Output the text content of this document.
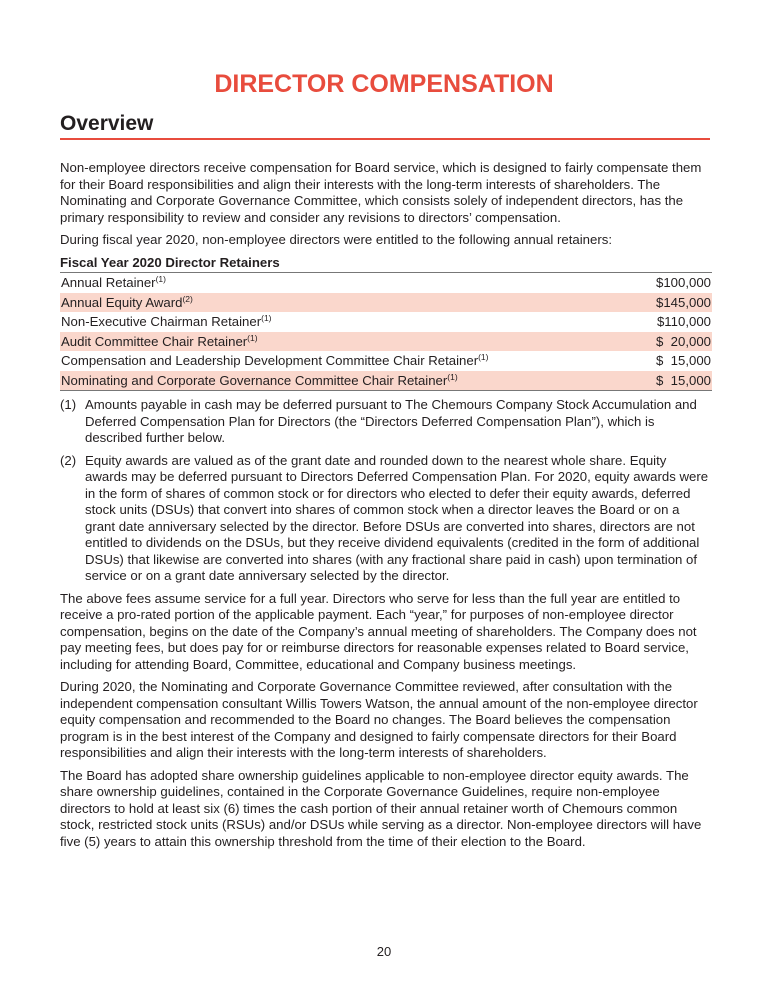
DIRECTOR COMPENSATION
Overview

Non-employee directors receive compensation for Board service, which is designed to fairly compensate them for their Board responsibilities and align their interests with the long-term interests of shareholders. The Nominating and Corporate Governance Committee, which consists solely of independent directors, has the primary responsibility to review and consider any revisions to directors’ compensation.

During fiscal year 2020, non-employee directors were entitled to the following annual retainers:

Fiscal Year 2020 Director Retainers
Annual Retainer$^{(1)}$	$100,000
Annual Equity Award$^{(2)}$	$145,000
Non-Executive Chairman Retainer$^{(1)}$	$110,000
Audit Committee Chair Retainer$^{(1)}$	$  20,000
Compensation and Leadership Development Committee Chair Retainer$^{(1)}$	$  15,000
Nominating and Corporate Governance Committee Chair Retainer$^{(1)}$	$  15,000
(1) Amounts payable in cash may be deferred pursuant to The Chemours Company Stock Accumulation and Deferred Compensation Plan for Directors (the “Directors Deferred Compensation Plan”), which is described further below.
(2) Equity awards are valued as of the grant date and rounded down to the nearest whole share. Equity awards may be deferred pursuant to Directors Deferred Compensation Plan. For 2020, equity awards were in the form of shares of common stock or for directors who elected to defer their equity awards, deferred stock units (DSUs) that convert into shares of common stock when a director leaves the Board or on a grant date anniversary selected by the director. Before DSUs are converted into shares, directors are not entitled to dividends on the DSUs, but they receive dividend equivalents (credited in the form of additional DSUs) that likewise are converted into shares (with any fractional share paid in cash) upon termination of service or on a grant date anniversary selected by the director.

The above fees assume service for a full year. Directors who serve for less than the full year are entitled to receive a pro-rated portion of the applicable payment. Each “year,” for purposes of non-employee director compensation, begins on the date of the Company’s annual meeting of shareholders. The Company does not pay meeting fees, but does pay for or reimburse directors for reasonable expenses related to Board service, including for attending Board, Committee, educational and Company business meetings.

During 2020, the Nominating and Corporate Governance Committee reviewed, after consultation with the independent compensation consultant Willis Towers Watson, the annual amount of the non-employee director equity compensation and recommended to the Board no changes. The Board believes the compensation program is in the best interest of the Company and designed to fairly compensate directors for their Board responsibilities and align their interests with the long-term interests of shareholders.

The Board has adopted share ownership guidelines applicable to non-employee director equity awards. The share ownership guidelines, contained in the Corporate Governance Guidelines, require non-employee directors to hold at least six (6) times the cash portion of their annual retainer worth of Chemours common stock, restricted stock units (RSUs) and/or DSUs while serving as a director. Non-employee directors will have five (5) years to attain this ownership threshold from the time of their election to the Board.

20
